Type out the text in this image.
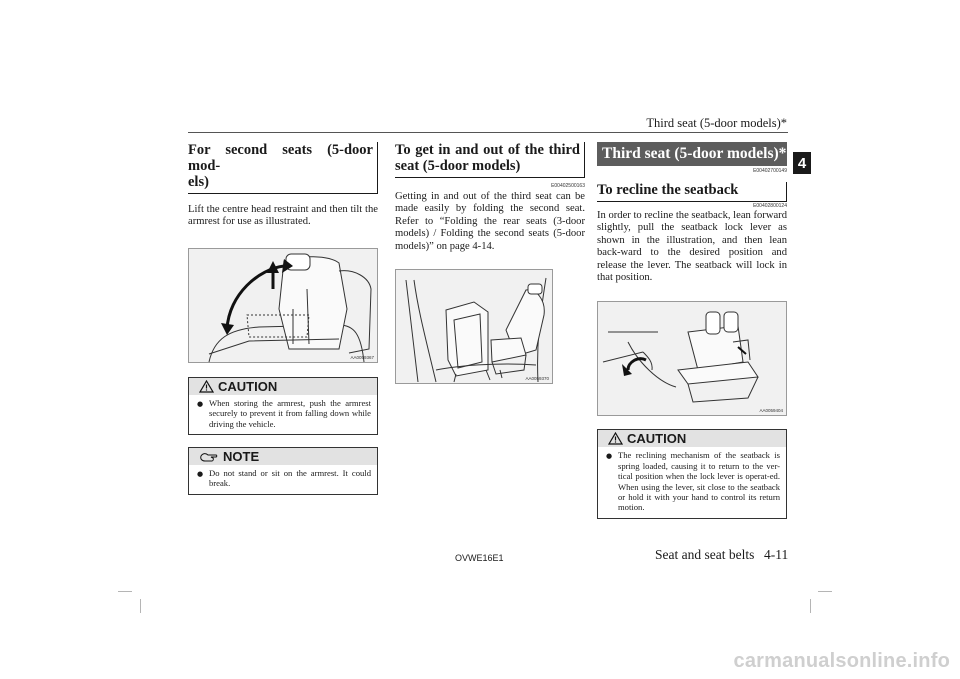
Third seat (5-door models)*
4
For second seats (5-door mod-
els)

Lift the centre head restraint and then tilt the armrest for use as illustrated.

AA0059367
CAUTION
● When storing the armrest, push the armrest securely to prevent it from falling down while driving the vehicle.
NOTE
● Do not stand or sit on the armrest. It could break.
To get in and out of the third
seat (5-door models)
E00402500163

Getting in and out of the third seat can be made easily by folding the second seat. Refer to “Folding the rear seats (3-door models) / Folding the second seats (5-door models)” on page 4-14.

AA0059370
Third seat (5-door models)*
E00402700149
To recline the seatback
E00402800124

In order to recline the seatback, lean forward slightly, pull the seatback lock lever as shown in the illustration, and then lean back-ward to the desired position and release the lever. The seatback will lock in that position.

AA0059404
CAUTION
● The reclining mechanism of the seatback is spring loaded, causing it to return to the ver-tical position when the lock lever is operat-ed. When using the lever, sit close to the seatback or hold it with your hand to control its return motion.
OVWE16E1	Seat and seat belts 4-11
carmanualsonline.info
